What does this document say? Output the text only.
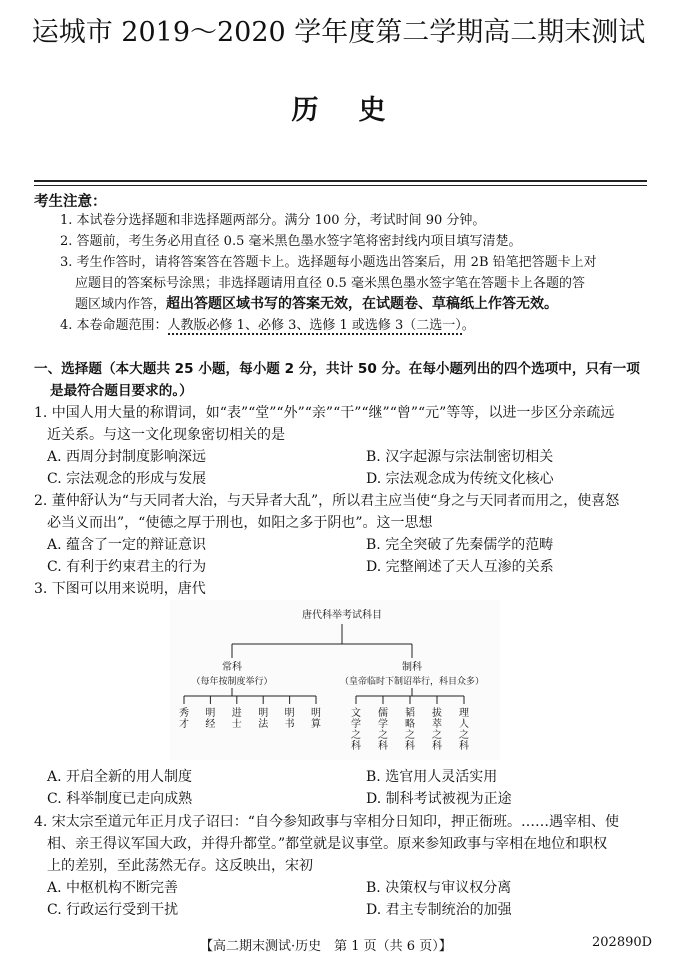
运城市 2019～2020 学年度第二学期高二期末测试
历史
考生注意：
1. 本试卷分选择题和非选择题两部分。满分 100 分，考试时间 90 分钟。
2. 答题前，考生务必用直径 0.5 毫米黑色墨水签字笔将密封线内项目填写清楚。
3. 考生作答时，请将答案答在答题卡上。选择题每小题选出答案后，用 2B 铅笔把答题卡上对
应题目的答案标号涂黑；非选择题请用直径 0.5 毫米黑色墨水签字笔在答题卡上各题的答
题区域内作答，超出答题区域书写的答案无效，在试题卷、草稿纸上作答无效。
4. 本卷命题范围：人教版必修 1、必修 3、选修 1 或选修 3（二选一）。
一、选择题（本大题共 25 小题，每小题 2 分，共计 50 分。在每小题列出的四个选项中，只有一项
是最符合题目要求的。）
1. 中国人用大量的称谓词，如“表”“堂”“外”“亲”“干”“继”“曾”“元”等等，以进一步区分亲疏远
近关系。与这一文化现象密切相关的是
A. 西周分封制度影响深远	B. 汉字起源与宗法制密切相关
C. 宗法观念的形成与发展	D. 宗法观念成为传统文化核心
2. 董仲舒认为“与天同者大治，与天异者大乱”，所以君主应当使“身之与天同者而用之，使喜怒
必当义而出”，“使德之厚于刑也，如阳之多于阴也”。这一思想
A. 蕴含了一定的辩证意识	B. 完全突破了先秦儒学的范畴
C. 有利于约束君主的行为	D. 完整阐述了天人互渗的关系
3. 下图可以用来说明，唐代
唐代科举考试科目
常科
（每年按制度举行）
制科
（皇帝临时下制诏举行，科目众多）
秀才
明经
进士
明法
明书
明算
文学之科
儒学之科
韬略之科
拔萃之科
理人之科
A. 开启全新的用人制度	B. 选官用人灵活实用
C. 科举制度已走向成熟	D. 制科考试被视为正途
4. 宋太宗至道元年正月戊子诏曰：“自今参知政事与宰相分日知印，押正衙班。……遇宰相、使
相、亲王得议军国大政，并得升都堂。”都堂就是议事堂。原来参知政事与宰相在地位和职权
上的差别，至此荡然无存。这反映出，宋初
A. 中枢机构不断完善	B. 决策权与审议权分离
C. 行政运行受到干扰	D. 君主专制统治的加强
【高二期末测试·历史　第 1 页（共 6 页）】	202890D
